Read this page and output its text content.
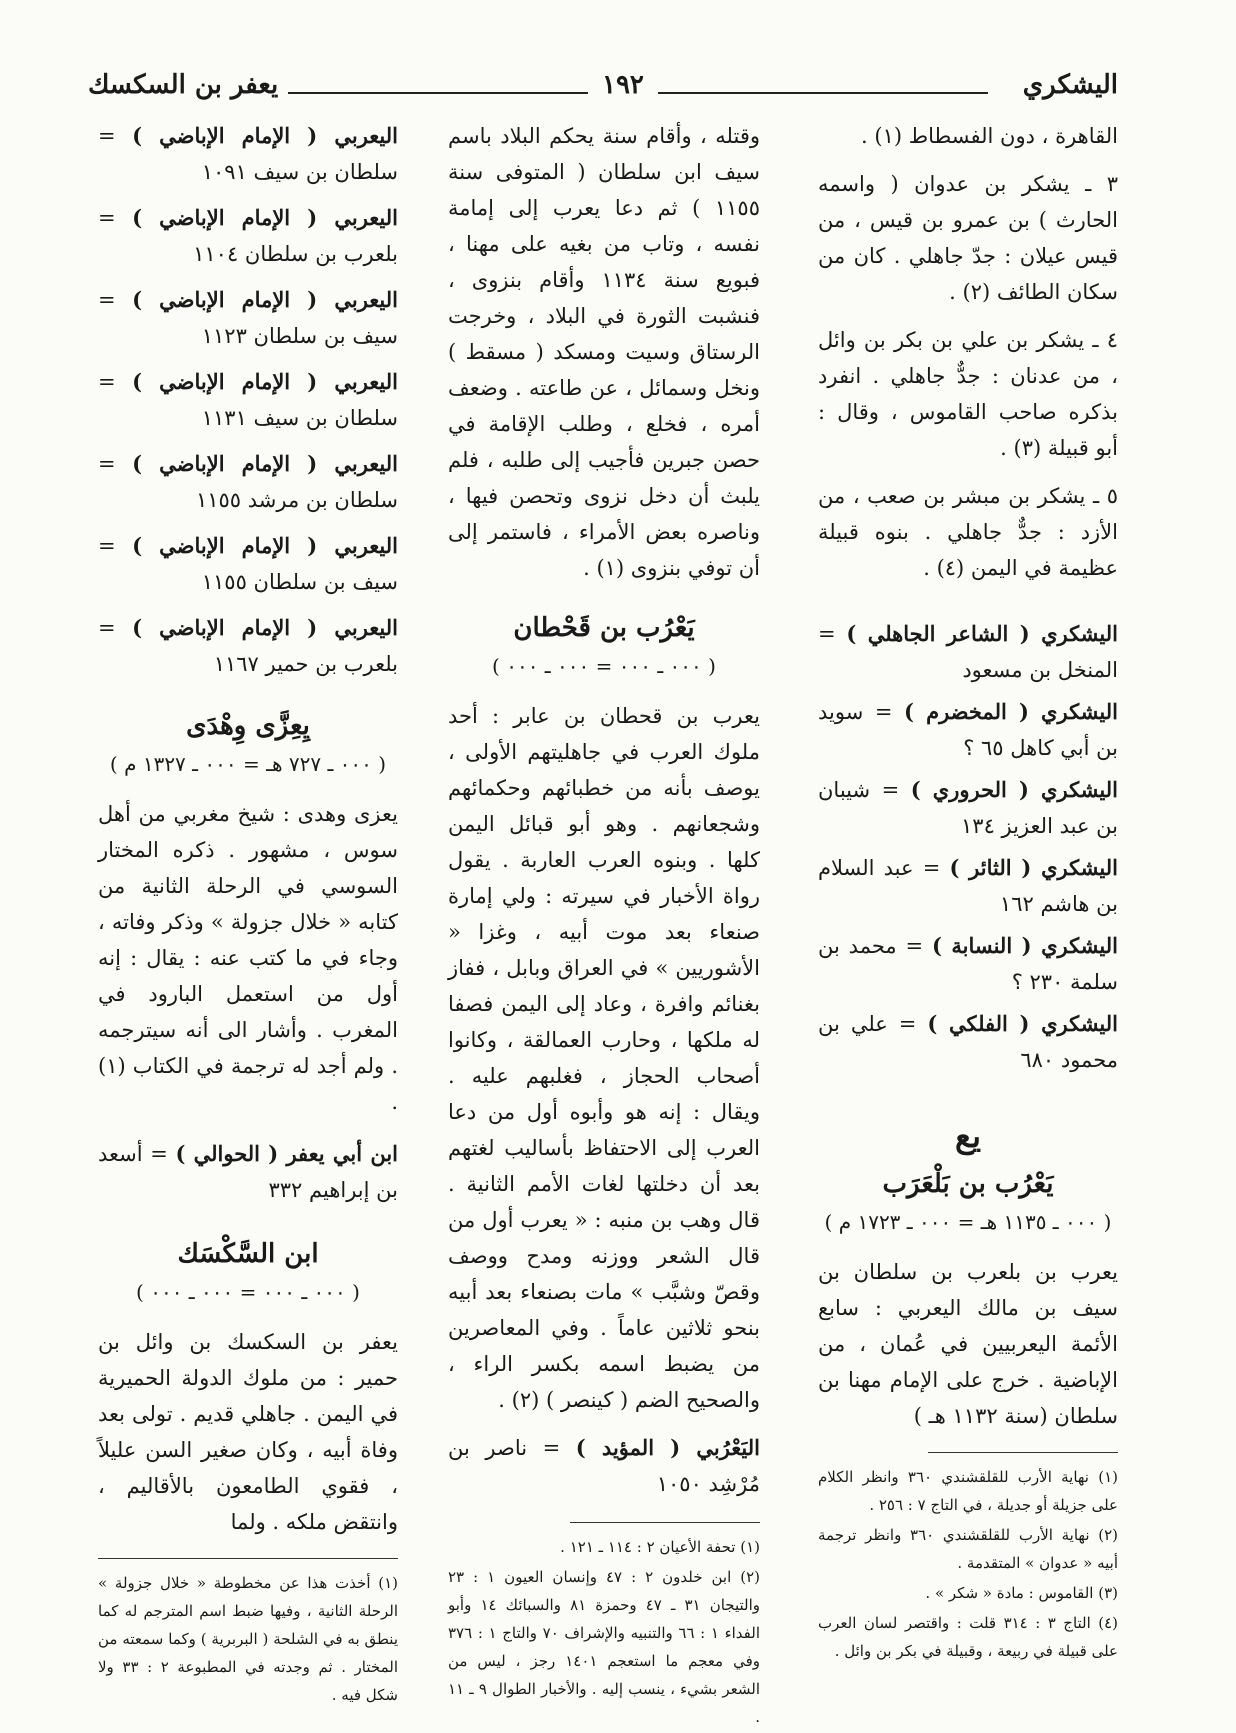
اليشكري
١٩٢
يعفر بن السكسك

القاهرة ، دون الفسطاط (١) .

٣ ـ يشكر بن عدوان ( واسمه الحارث ) بن عمرو بن قيس ، من قيس عيلان : جدّ جاهلي . كان من سكان الطائف (٢) .

٤ ـ يشكر بن علي بن بكر بن وائل ، من عدنان : جدٌّ جاهلي . انفرد بذكره صاحب القاموس ، وقال : أبو قبيلة (٣) .

٥ ـ يشكر بن مبشر بن صعب ، من الأزد : جدٌّ جاهلي . بنوه قبيلة عظيمة في اليمن (٤) .

اليشكري ( الشاعر الجاهلي ) = المنخل بن مسعود
اليشكري ( المخضرم ) = سويد بن أبي كاهل ٦٥ ؟
اليشكري ( الحروري ) = شيبان بن عبد العزيز ١٣٤
اليشكري ( الثائر ) = عبد السلام بن هاشم ١٦٢
اليشكري ( النسابة ) = محمد بن سلمة ٢٣٠ ؟
اليشكري ( الفلكي ) = علي بن محمود ٦٨٠
يع
يَعْرُب بن بَلْعَرَب
( ٠٠٠ ـ ١١٣٥ هـ = ٠٠٠ ـ ١٧٢٣ م )

يعرب بن بلعرب بن سلطان بن سيف بن مالك اليعربي : سابع الأئمة اليعربيين في عُمان ، من الإباضية . خرج على الإمام مهنا بن سلطان (سنة ١١٣٢ هـ )

(١) نهاية الأرب للقلقشندي ٣٦٠ وانظر الكلام على جزيلة أو جديلة ، في التاج ٧ : ٢٥٦ .
(٢) نهاية الأرب للقلقشندي ٣٦٠ وانظر ترجمة أبيه « عدوان » المتقدمة .
(٣) القاموس : مادة « شكر » .
(٤) التاج ٣ : ٣١٤ قلت : واقتصر لسان العرب على قبيلة في ربيعة ، وقبيلة في بكر بن وائل .

وقتله ، وأقام سنة يحكم البلاد باسم سيف ابن سلطان ( المتوفى سنة ١١٥٥ ) ثم دعا يعرب إلى إمامة نفسه ، وتاب من بغيه على مهنا ، فبويع سنة ١١٣٤ وأقام بنزوى ، فنشبت الثورة في البلاد ، وخرجت الرستاق وسيت ومسكد ( مسقط ) ونخل وسمائل ، عن طاعته . وضعف أمره ، فخلع ، وطلب الإقامة في حصن جبرين فأجيب إلى طلبه ، فلم يلبث أن دخل نزوى وتحصن فيها ، وناصره بعض الأمراء ، فاستمر إلى أن توفي بنزوى (١) .

يَعْرُب بن قَحْطان
( ٠٠٠ ـ ٠٠٠ = ٠٠٠ ـ ٠٠٠ )

يعرب بن قحطان بن عابر : أحد ملوك العرب في جاهليتهم الأولى ، يوصف بأنه من خطبائهم وحكمائهم وشجعانهم . وهو أبو قبائل اليمن كلها . وبنوه العرب العاربة . يقول رواة الأخبار في سيرته : ولي إمارة صنعاء بعد موت أبيه ، وغزا « الأشوريين » في العراق وبابل ، ففاز بغنائم وافرة ، وعاد إلى اليمن فصفا له ملكها ، وحارب العمالقة ، وكانوا أصحاب الحجاز ، فغلبهم عليه . ويقال : إنه هو وأبوه أول من دعا العرب إلى الاحتفاظ بأساليب لغتهم بعد أن دخلتها لغات الأمم الثانية . قال وهب بن منبه : « يعرب أول من قال الشعر ووزنه ومدح ووصف وقصّ وشبَّب » مات بصنعاء بعد أبيه بنحو ثلاثين عاماً . وفي المعاصرين من يضبط اسمه بكسر الراء ، والصحيح الضم ( كينصر ) (٢) .

اليَعْرُبي ( المؤيد ) = ناصر بن مُرْشِد ١٠٥٠
(١) تحفة الأعيان ٢ : ١١٤ ـ ١٢١ .
(٢) ابن خلدون ٢ : ٤٧ وإنسان العيون ١ : ٢٣ والتيجان ٣١ ـ ٤٧ وحمزة ٨١ والسبائك ١٤ وأبو الفداء ١ : ٦٦ والتنبيه والإشراف ٧٠ والتاج ١ : ٣٧٦ وفي معجم ما استعجم ١٤٠١ رجز ، ليس من الشعر بشيء ، ينسب إليه . والأخبار الطوال ٩ ـ ١١ .
اليعربي ( الإمام الإباضي ) = سلطان بن سيف ١٠٩١
اليعربي ( الإمام الإباضي ) = بلعرب بن سلطان ١١٠٤
اليعربي ( الإمام الإباضي ) = سيف بن سلطان ١١٢٣
اليعربي ( الإمام الإباضي ) = سلطان بن سيف ١١٣١
اليعربي ( الإمام الإباضي ) = سلطان بن مرشد ١١٥٥
اليعربي ( الإمام الإباضي ) = سيف بن سلطان ١١٥٥
اليعربي ( الإمام الإباضي ) = بلعرب بن حمير ١١٦٧
يِعِزَّى وِهْدَى
( ٠٠٠ ـ ٧٢٧ هـ = ٠٠٠ ـ ١٣٢٧ م )

يعزى وهدى : شيخ مغربي من أهل سوس ، مشهور . ذكره المختار السوسي في الرحلة الثانية من كتابه « خلال جزولة » وذكر وفاته ، وجاء في ما كتب عنه : يقال : إنه أول من استعمل البارود في المغرب . وأشار الى أنه سيترجمه . ولم أجد له ترجمة في الكتاب (١) .

ابن أبي يعفر ( الحوالي ) = أسعد بن إبراهيم ٣٣٢
ابن السَّكْسَك
( ٠٠٠ ـ ٠٠٠ = ٠٠٠ ـ ٠٠٠ )

يعفر بن السكسك بن وائل بن حمير : من ملوك الدولة الحميرية في اليمن . جاهلي قديم . تولى بعد وفاة أبيه ، وكان صغير السن عليلاً ، فقوي الطامعون بالأقاليم ، وانتقض ملكه . ولما

(١) أخذت هذا عن مخطوطة « خلال جزولة » الرحلة الثانية ، وفيها ضبط اسم المترجم له كما ينطق به في الشلحة ( البربرية ) وكما سمعته من المختار . ثم وجدته في المطبوعة ٢ : ٣٣ ولا شكل فيه .
